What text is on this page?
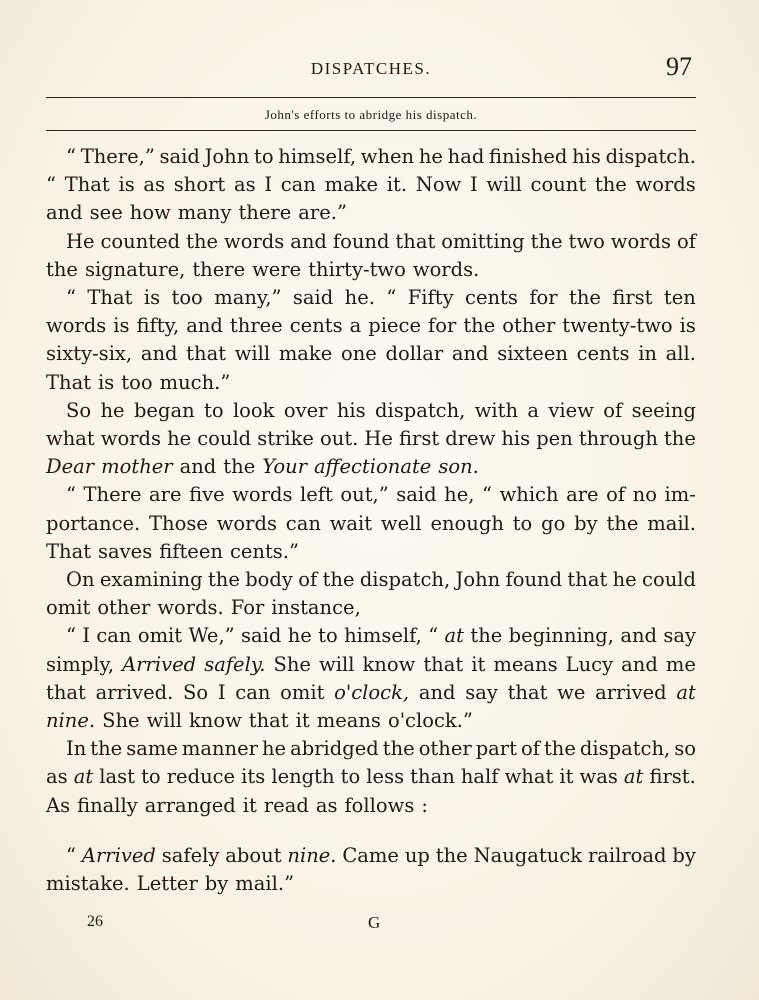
DISPATCHES.	97
John's efforts to abridge his dispatch.
“ There,” said John to himself, when he had finished his dispatch.
“ That is as short as I can make it. Now I will count the words
and see how many there are.”
He counted the words and found that omitting the two words of
the signature, there were thirty-two words.
“ That is too many,” said he. “ Fifty cents for the first ten
words is fifty, and three cents a piece for the other twenty-two is
sixty-six, and that will make one dollar and sixteen cents in all.
That is too much.”
So he began to look over his dispatch, with a view of seeing
what words he could strike out. He first drew his pen through the
Dear mother and the Your affectionate son.
“ There are five words left out,” said he, “ which are of no im-
portance. Those words can wait well enough to go by the mail.
That saves fifteen cents.”
On examining the body of the dispatch, John found that he could
omit other words. For instance,
“ I can omit We,” said he to himself, “ at the beginning, and say
simply, Arrived safely. She will know that it means Lucy and me
that arrived. So I can omit o'clock, and say that we arrived at
nine. She will know that it means o'clock.”
In the same manner he abridged the other part of the dispatch, so
as at last to reduce its length to less than half what it was at first.
As finally arranged it read as follows :
“ Arrived safely about nine. Came up the Naugatuck railroad by
mistake. Letter by mail.”
26	G
